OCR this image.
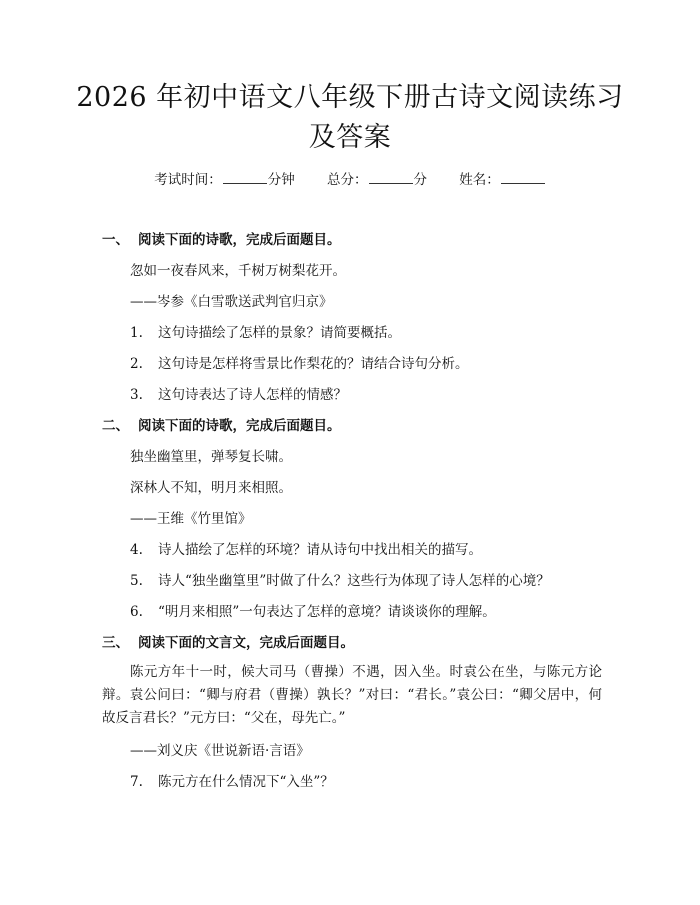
2026 年初中语文八年级下册古诗文阅读练习
及答案
考试时间：	分钟 总分：	分 姓名：
一、 阅读下面的诗歌，完成后面题目。

忽如一夜春风来，千树万树梨花开。

——岑参《白雪歌送武判官归京》

1.	这句诗描绘了怎样的景象？请简要概括。
2.	这句诗是怎样将雪景比作梨花的？请结合诗句分析。
3.	这句诗表达了诗人怎样的情感？
二、 阅读下面的诗歌，完成后面题目。

独坐幽篁里，弹琴复长啸。

深林人不知，明月来相照。

——王维《竹里馆》

4.	诗人描绘了怎样的环境？请从诗句中找出相关的描写。
5.	诗人“独坐幽篁里”时做了什么？这些行为体现了诗人怎样的心境？
6.	“明月来相照”一句表达了怎样的意境？请谈谈你的理解。
三、 阅读下面的文言文，完成后面题目。

陈元方年十一时，候大司马（曹操）不遇，因入坐。时袁公在坐，与陈元方论辩。袁公问曰：“卿与府君（曹操）孰长？”对曰：“君长。”袁公曰：“卿父居中，何故反言君长？”元方曰：“父在，母先亡。”

——刘义庆《世说新语·言语》

7.	陈元方在什么情况下“入坐”？
